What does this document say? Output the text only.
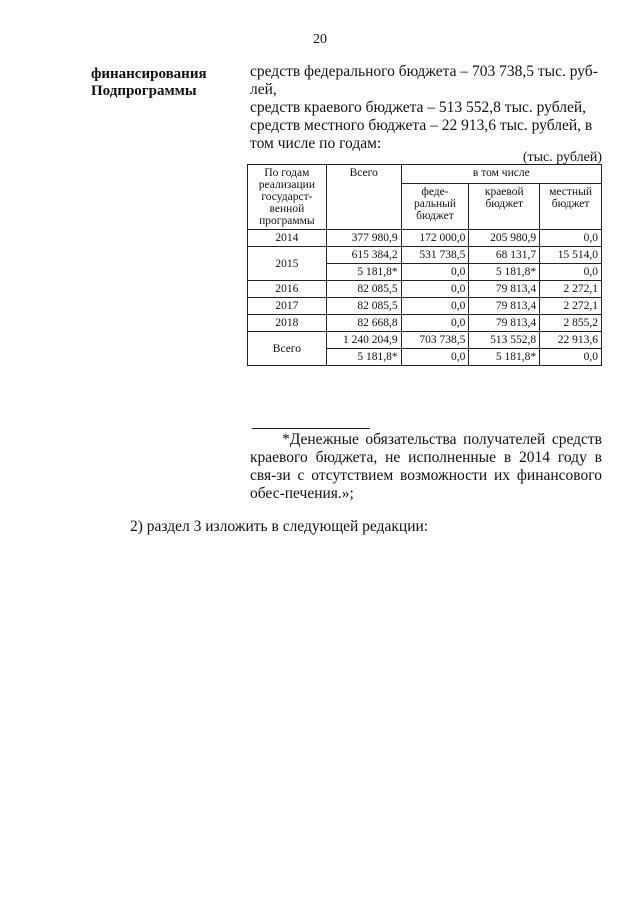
20
финансирования
Подпрограммы
средств федерального бюджета – 703 738,5 тыс. руб-
лей,
средств краевого бюджета – 513 552,8 тыс. рублей,
средств местного бюджета – 22 913,6 тыс. рублей, в
том числе по годам:
(тыс. рублей)
По годам реализации государст-венной программы	Всего	в том числе		
		феде-ральный бюджет	краевой бюджет	местный бюджет
2014	377 980,9	172 000,0	205 980,9	0,0
2015	615 384,2	531 738,5	68 131,7	15 514,0
	5 181,8*	0,0	5 181,8*	0,0
2016	82 085,5	0,0	79 813,4	2 272,1
2017	82 085,5	0,0	79 813,4	2 272,1
2018	82 668,8	0,0	79 813,4	2 855,2
Всего	1 240 204,9	703 738,5	513 552,8	22 913,6
	5 181,8*	0,0	5 181,8*	0,0
*Денежные обязательства получателей средств краевого бюджета, не исполненные в 2014 году в свя-зи с отсутствием возможности их финансового обес-печения.»;
2) раздел 3 изложить в следующей редакции:
